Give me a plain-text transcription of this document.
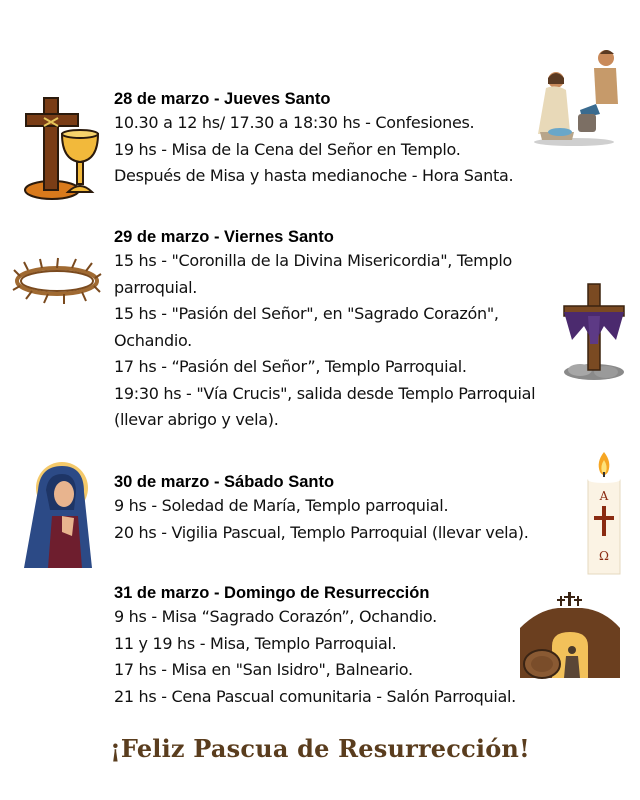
28 de marzo - Jueves Santo
10.30 a 12 hs/ 17.30 a 18:30 hs - Confesiones.
19 hs - Misa de la Cena del Señor en Templo.
Después de Misa y hasta medianoche - Hora Santa.
29 de marzo - Viernes Santo
15 hs - "Coronilla de la Divina Misericordia", Templo
parroquial.
15 hs - "Pasión del Señor", en "Sagrado Corazón",
Ochandio.
17 hs - “Pasión del Señor”, Templo Parroquial.
19:30 hs - "Vía Crucis", salida desde Templo Parroquial
(llevar abrigo y vela).
30 de marzo - Sábado Santo
9 hs - Soledad de María, Templo parroquial.
20 hs - Vigilia Pascual, Templo Parroquial (llevar vela).
31 de marzo - Domingo de Resurrección
9 hs - Misa “Sagrado Corazón”, Ochandio.
11 y 19 hs - Misa, Templo Parroquial.
17 hs - Misa en "San Isidro", Balneario.
21 hs - Cena Pascual comunitaria - Salón Parroquial.
¡Feliz Pascua de Resurrección!
A
Ω
